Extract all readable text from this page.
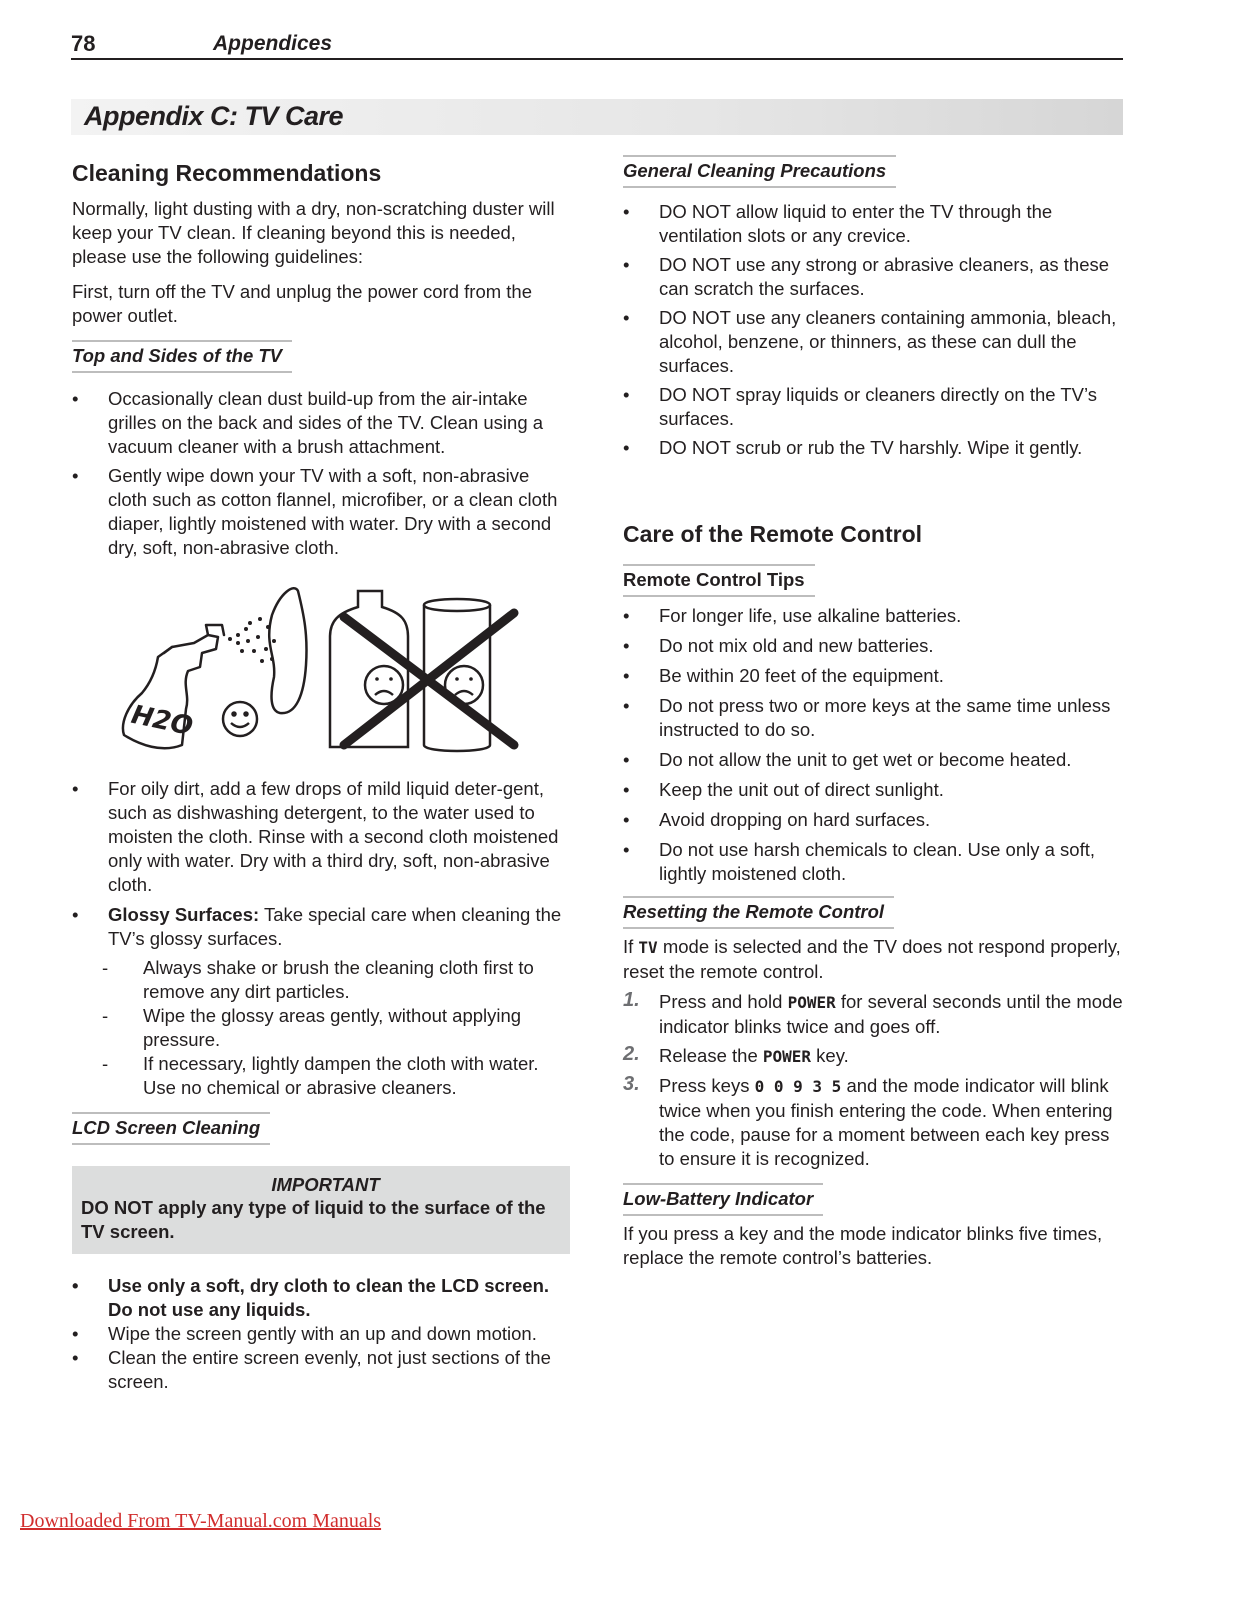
78	Appendices
Appendix C: TV Care
Cleaning Recommendations

Normally, light dusting with a dry, non-scratching duster will keep your TV clean. If cleaning beyond this is needed, please use the following guidelines:

First, turn off the TV and unplug the power cord from the power outlet.

Top and Sides of the TV
• Occasionally clean dust build-up from the air-intake grilles on the back and sides of the TV. Clean using a vacuum cleaner with a brush attachment.
• Gently wipe down your TV with a soft, non-abrasive cloth such as cotton flannel, microfiber, or a clean cloth diaper, lightly moistened with water. Dry with a second dry, soft, non-abrasive cloth.
H2O
• For oily dirt, add a few drops of mild liquid deter-gent, such as dishwashing detergent, to the water used to moisten the cloth. Rinse with a second cloth moistened only with water. Dry with a third dry, soft, non-abrasive cloth.
• Glossy Surfaces: Take special care when cleaning the TV’s glossy surfaces.
- Always shake or brush the cleaning cloth first to remove any dirt particles.
- Wipe the glossy areas gently, without applying pressure.
- If necessary, lightly dampen the cloth with water. Use no chemical or abrasive cleaners.
LCD Screen Cleaning
IMPORTANT
DO NOT apply any type of liquid to the surface of the TV screen.
• Use only a soft, dry cloth to clean the LCD screen. Do not use any liquids.
• Wipe the screen gently with an up and down motion.
• Clean the entire screen evenly, not just sections of the screen.
General Cleaning Precautions
• DO NOT allow liquid to enter the TV through the ventilation slots or any crevice.
• DO NOT use any strong or abrasive cleaners, as these can scratch the surfaces.
• DO NOT use any cleaners containing ammonia, bleach, alcohol, benzene, or thinners, as these can dull the surfaces.
• DO NOT spray liquids or cleaners directly on the TV’s surfaces.
• DO NOT scrub or rub the TV harshly. Wipe it gently.
Care of the Remote Control
Remote Control Tips
• For longer life, use alkaline batteries.
• Do not mix old and new batteries.
• Be within 20 feet of the equipment.
• Do not press two or more keys at the same time unless instructed to do so.
• Do not allow the unit to get wet or become heated.
• Keep the unit out of direct sunlight.
• Avoid dropping on hard surfaces.
• Do not use harsh chemicals to clean. Use only a soft, lightly moistened cloth.
Resetting the Remote Control

If TV mode is selected and the TV does not respond properly, reset the remote control.

1. Press and hold POWER for several seconds until the mode indicator blinks twice and goes off.
2. Release the POWER key.
3. Press keys 0 0 9 3 5 and the mode indicator will blink twice when you finish entering the code. When entering the code, pause for a moment between each key press to ensure it is recognized.
Low-Battery Indicator

If you press a key and the mode indicator blinks five times, replace the remote control’s batteries.

Downloaded From TV-Manual.com Manuals
